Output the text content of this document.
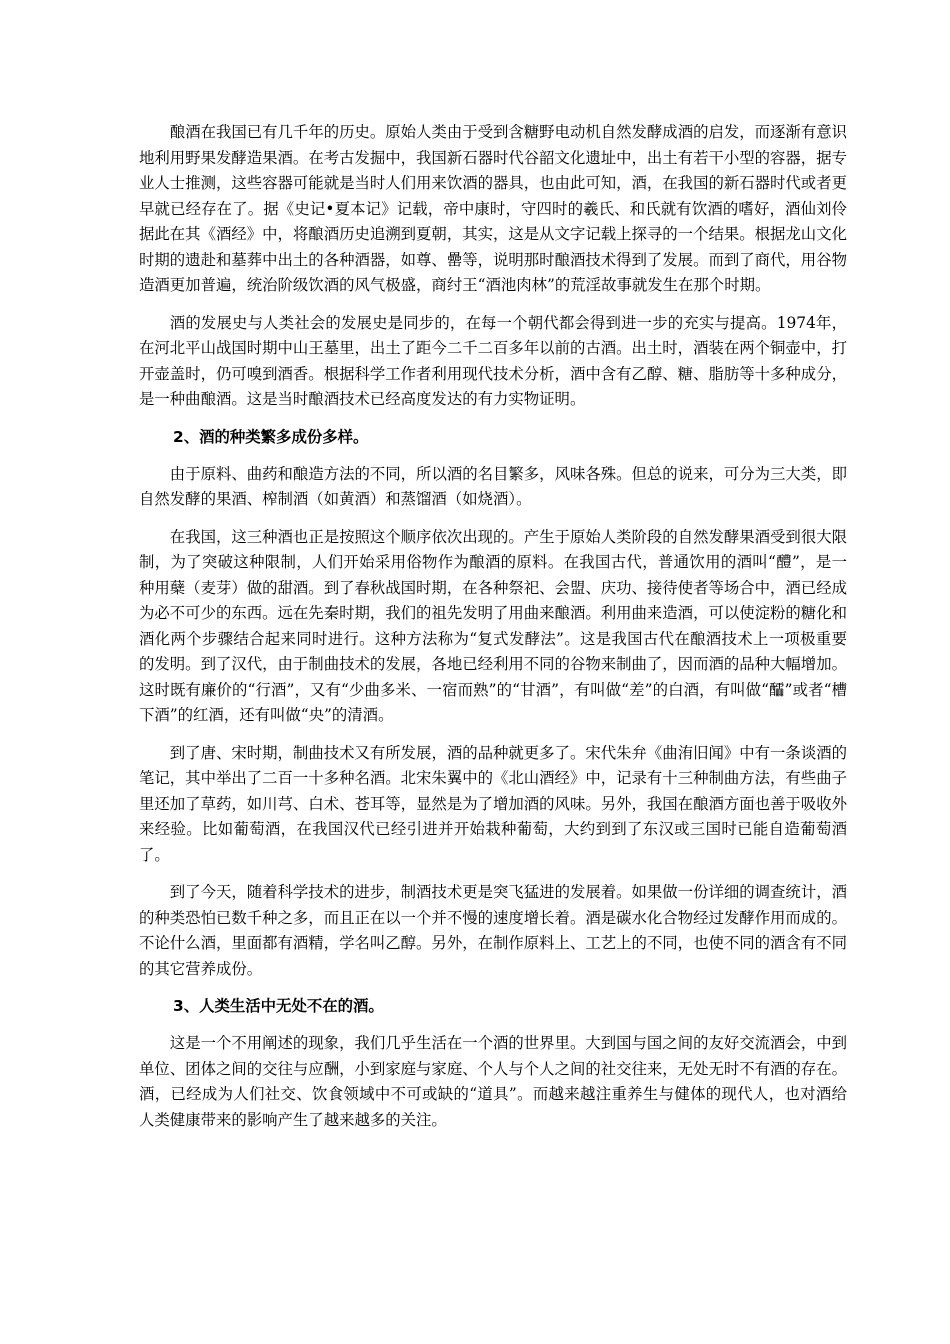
酿酒在我国已有几千年的历史。原始人类由于受到含糖野电动机自然发酵成酒的启发，而逐渐有意识地利用野果发酵造果酒。在考古发掘中，我国新石器时代谷韶文化遗址中，出土有若干小型的容器，据专业人士推测，这些容器可能就是当时人们用来饮酒的器具，也由此可知，酒，在我国的新石器时代或者更早就已经存在了。据《史记•夏本记》记载，帝中康时，守四时的羲氏、和氏就有饮酒的嗜好，酒仙刘伶据此在其《酒经》中，将酿酒历史追溯到夏朝，其实，这是从文字记载上探寻的一个结果。根据龙山文化时期的遗赴和墓葬中出土的各种酒器，如尊、罍等，说明那时酿酒技术得到了发展。而到了商代，用谷物造酒更加普遍，统治阶级饮酒的风气极盛，商纣王“酒池肉林”的荒淫故事就发生在那个时期。

酒的发展史与人类社会的发展史是同步的，在每一个朝代都会得到进一步的充实与提高。1974年，在河北平山战国时期中山王墓里，出土了距今二千二百多年以前的古酒。出土时，酒装在两个铜壶中，打开壶盖时，仍可嗅到酒香。根据科学工作者利用现代技术分析，酒中含有乙醇、糖、脂肪等十多种成分，是一种曲酿酒。这是当时酿酒技术已经高度发达的有力实物证明。

2、酒的种类繁多成份多样。

由于原料、曲药和酿造方法的不同，所以酒的名目繁多，风味各殊。但总的说来，可分为三大类，即自然发酵的果酒、榨制酒（如黄酒）和蒸馏酒（如烧酒）。

在我国，这三种酒也正是按照这个顺序依次出现的。产生于原始人类阶段的自然发酵果酒受到很大限制，为了突破这种限制，人们开始采用俗物作为酿酒的原料。在我国古代，普通饮用的酒叫“醴”，是一种用蘖（麦芽）做的甜酒。到了春秋战国时期，在各种祭祀、会盟、庆功、接待使者等场合中，酒已经成为必不可少的东西。远在先秦时期，我们的祖先发明了用曲来酿酒。利用曲来造酒，可以使淀粉的糖化和酒化两个步骤结合起来同时进行。这种方法称为“复式发酵法”。这是我国古代在酿酒技术上一项极重要的发明。到了汉代，由于制曲技术的发展，各地已经利用不同的谷物来制曲了，因而酒的品种大幅增加。这时既有廉价的“行酒”，又有“少曲多米、一宿而熟”的“甘酒”，有叫做“差”的白酒，有叫做“醽”或者“槽下酒”的红酒，还有叫做“央”的清酒。

到了唐、宋时期，制曲技术又有所发展，酒的品种就更多了。宋代朱弁《曲洧旧闻》中有一条谈酒的笔记，其中举出了二百一十多种名酒。北宋朱翼中的《北山酒经》中，记录有十三种制曲方法，有些曲子里还加了草药，如川芎、白术、苍耳等，显然是为了增加酒的风味。另外，我国在酿酒方面也善于吸收外来经验。比如葡萄酒，在我国汉代已经引进并开始栽种葡萄，大约到到了东汉或三国时已能自造葡萄酒了。

到了今天，随着科学技术的进步，制酒技术更是突飞猛进的发展着。如果做一份详细的调查统计，酒的种类恐怕已数千种之多，而且正在以一个并不慢的速度增长着。酒是碳水化合物经过发酵作用而成的。不论什么酒，里面都有酒精，学名叫乙醇。另外，在制作原料上、工艺上的不同，也使不同的酒含有不同的其它营养成份。

3、人类生活中无处不在的酒。

这是一个不用阐述的现象，我们几乎生活在一个酒的世界里。大到国与国之间的友好交流酒会，中到单位、团体之间的交往与应酬，小到家庭与家庭、个人与个人之间的社交往来，无处无时不有酒的存在。酒，已经成为人们社交、饮食领域中不可或缺的“道具”。而越来越注重养生与健体的现代人，也对酒给人类健康带来的影响产生了越来越多的关注。
